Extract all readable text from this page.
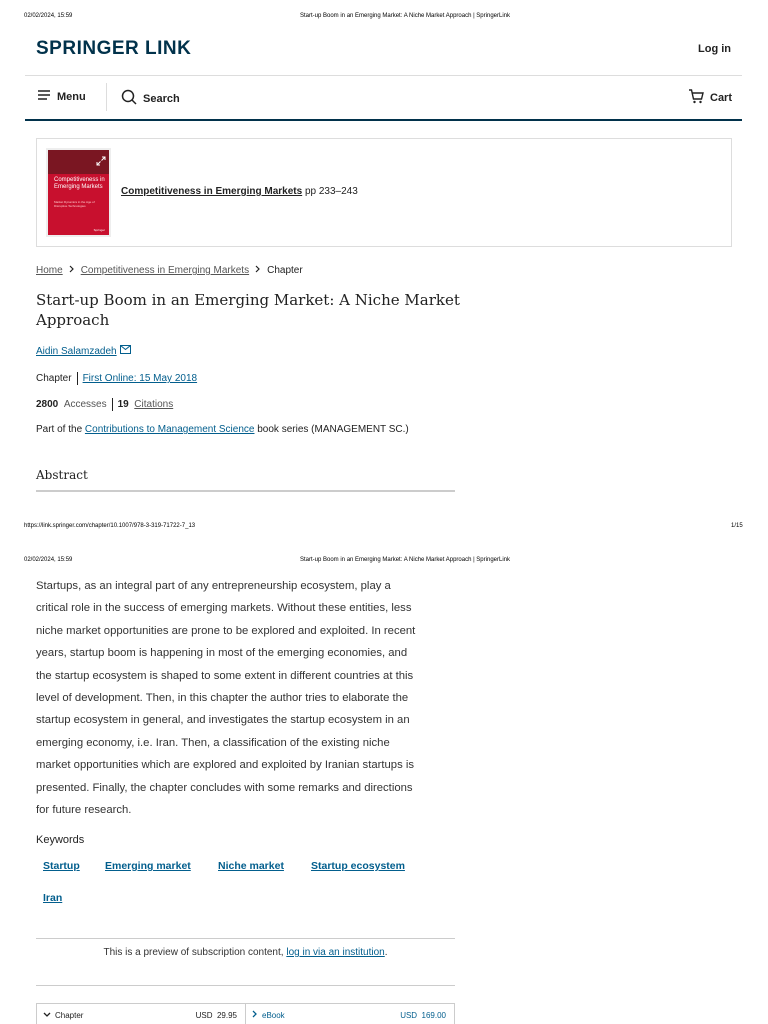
02/02/2024, 15:59	Start-up Boom in an Emerging Market: A Niche Market Approach | SpringerLink
SPRINGER LINK	Log in
Menu	Search	Cart
Competitiveness in Emerging Markets
Market Dynamics in the Age of Disruptive Technologies
Springer
Competitiveness in Emerging Markets pp 233–243
Home Competitiveness in Emerging Markets Chapter
Start-up Boom in an Emerging Market: A Niche Market Approach
Aidin Salamzadeh
Chapter First Online: 15 May 2018
2800 Accesses 19 Citations
Part of the Contributions to Management Science book series (MANAGEMENT SC.)
Abstract
https://link.springer.com/chapter/10.1007/978-3-319-71722-7_13	1/15
02/02/2024, 15:59	Start-up Boom in an Emerging Market: A Niche Market Approach | SpringerLink
Startups, as an integral part of any entrepreneurship ecosystem, play a
critical role in the success of emerging markets. Without these entities, less
niche market opportunities are prone to be explored and exploited. In recent
years, startup boom is happening in most of the emerging economies, and
the startup ecosystem is shaped to some extent in different countries at this
level of development. Then, in this chapter the author tries to elaborate the
startup ecosystem in general, and investigates the startup ecosystem in an
emerging economy, i.e. Iran. Then, a classification of the existing niche
market opportunities which are explored and exploited by Iranian startups is
presented. Finally, the chapter concludes with some remarks and directions
for future research.
Keywords
Startup Emerging market	Niche market	Startup ecosystem
Iran
This is a preview of subscription content, log in via an institution.
Chapter	USD 29.95	eBook	USD 169.00
